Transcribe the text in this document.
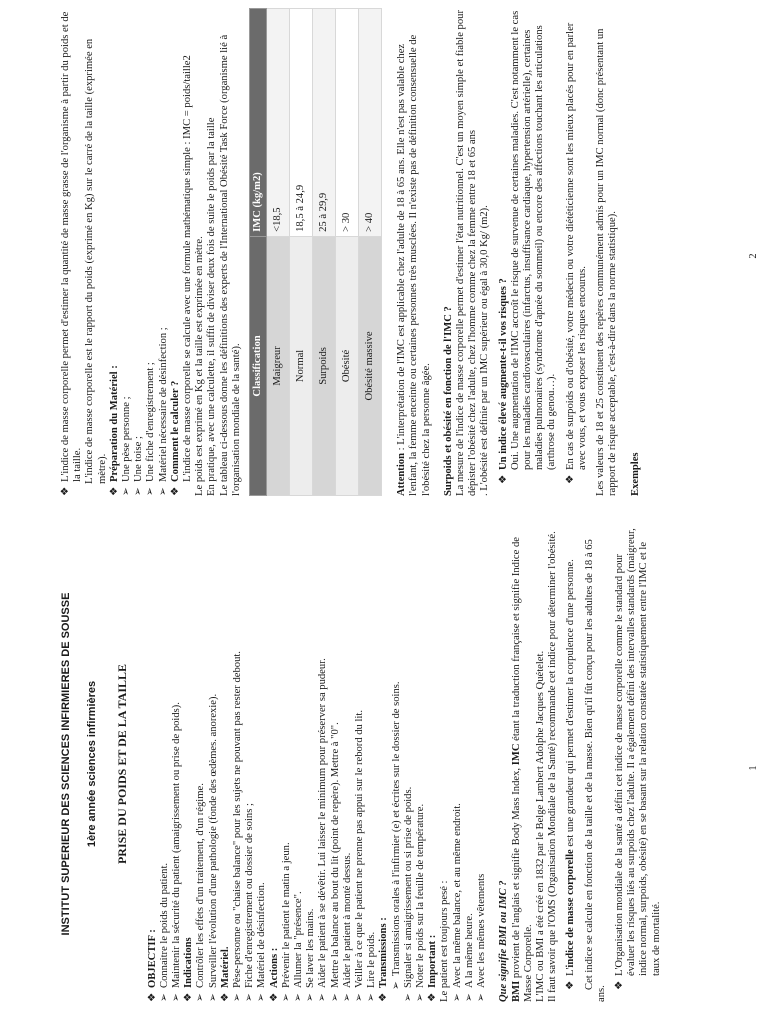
INSTITUT SUPERIEUR DES SCIENCES INFIRMIERES DE SOUSSE 1ère année sciences infirmières PRISE DU POIDS ET DE LA TAILLE
❖
OBJECTIF :
➢
Connaitre le poids du patient.
➢
Maintenir la sécurité du patient (amaigrissement ou prise de poids).
❖
Indications
➢
Contrôler les effets d'un traitement, d'un régime.
➢
Surveiller l'évolution d'une pathologie (fonde des œdèmes. anorexie).
❖
Matériel.
➢
Pèse-personne ou "chaise balance" pour les sujets ne pouvant pas rester debout.
➢
Fiche d'enregistrement ou dossier de soins ;
➢
Matériel de désinfection.
❖
Actions :
➢
Prévenir le patient le matin a jeun.
➢
Allumer la "présence".
➢
Se laver les mains.
➢
Aider le patient à se dévêtir. Lui laisser le minimum pour préserver sa pudeur.
➢
Mettre la balance au bout du lit (point de repère). Mettre à "0".
➢
Aider le patient à monté dessus.
➢
Veiller à ce que le patient ne prenne pas appui sur le rebord du lit.
➢
Lire le poids.
❖
Transmissions : ➢
Transmissions orales à l'infirmier (e) et écrites sur le dossier de soins.
➢
Signaler si amaigrissement ou si prise de poids.
➢
Noter le poids sur la feuille de température.
❖
Important : Le patient est toujours pesé : ➢
Avec la même balance, et au même endroit.
➢
A la même heure.
➢
Avec les mêmes vêtements Que signifie BMI ou IMC ? BMI provient de l'anglais et signifie Body Mass Index, IMC étant la traduction française et signifie Indice de Masse Corporelle. L'IMC ou BMI a été créé en 1832 par le Belge Lambert Adolphe Jacques Quételet. Il faut savoir que l'OMS (Organisation Mondiale de la Santé) recommande cet indice pour déterminer l'obésité. ❖
L'indice de masse corporelle est une grandeur qui permet d'estimer la corpulence d'une personne. Cet indice se calcule en fonction de la taille et de la masse. Bien qu'il fût conçu pour les adultes de 18 à 65 ans. ❖
L'Organisation mondiale de la santé a défini cet indice de masse corporelle comme le standard pour évaluer les risques liés au surpoids chez l'adulte. Il a également défini des intervalles standards (maigreur, indice normal, surpoids, obésité) en se basant sur la relation constatée statistiquement entre l'IMC et le taux de mortalité.
1
❖
L'indice de masse corporelle permet d'estimer la quantité de masse grasse de l'organisme à partir du poids et de la taille. L'indice de masse corporelle est le rapport du poids (exprimé en Kg) sur le carré de la taille (exprimée en mètre).

❖
Préparation du Matériel :
➢
Une pèse personne ;
➢
Une toise ;
➢
Une fiche d'enregistrement ;
➢
Matériel nécessaire de désinfection ;
❖
Comment le calculer ? L'indice de masse corporelle se calcule avec une formule mathématique simple : IMC = poids/taille2 Le poids est exprimé en Kg et la taille est exprimée en mètre. En pratique, avec une calculette, il suffit de diviser deux fois de suite le poids par la taille Le tableau ci-dessous donne les définitions des experts de l'International Obésité Task Force (organisme lié à l'organisation mondiale de la santé). Classification	IMC (kg/m2)
Maigreur	<18,5
Normal	18,5 à 24,9
Surpoids	25 à 29,9
Obésité	> 30
Obésité massive	> 40

Attention : L'interprétation de l'IMC est applicable chez l'adulte de 18 à 65 ans. Elle n'est pas valable chez l'enfant, la femme enceinte ou certaines personnes très musclées. Il n'existe pas de définition consensuelle de l'obésité chez la personne âgée. Surpoids et obésité en fonction de l'IMC ? La mesure de l'indice de masse corporelle permet d'estimer l'état nutritionnel. C'est un moyen simple et fiable pour dépister l'obésité chez l'adulte, chez l'homme comme chez la femme entre 18 et 65 ans . L'obésité est définie par un IMC supérieur ou égal à 30,0 Kg/ (m2). ❖
Un indice élevé augmente-t-il vos risques ? Oui. Une augmentation de l'IMC accroît le risque de survenue de certaines maladies. C'est notamment le cas pour les maladies cardiovasculaires (infarctus, insuffisance cardiaque, hypertension artérielle), certaines maladies pulmonaires (syndrome d'apnée du sommeil) ou encore des affections touchant les articulations (arthrose du genou…).

❖
En cas de surpoids ou d'obésité, votre médecin ou votre diététicienne sont les mieux placés pour en parler avec vous, et vous exposer les risques encourus. Les valeurs de 18 et 25 constituent des repères communément admis pour un IMC normal (donc présentant un rapport de risque acceptable, c'est-à-dire dans la norme statistique). Exemples

2
